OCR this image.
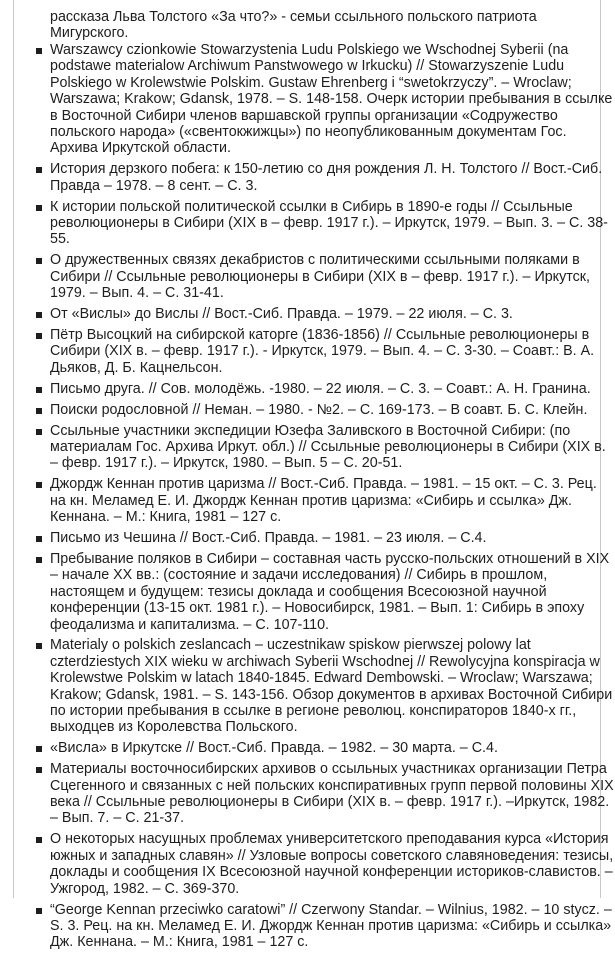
рассказа Льва Толстого «За что?» - семьи ссыльного польского патриота Мигурского.

Warszawcy czionkowie Stowarzystenia Ludu Polskiego we Wschodnej Syberii (na podstawe materialow Archiwum Panstwowego w Irkucku) // Stowarzyszenie Ludu Polskiego w Krolewstwie Polskim. Gustaw Ehrenberg i “swetokrzyczy”. – Wroclaw; Warszawa; Krakow; Gdansk, 1978. – S. 148-158. Очерк истории пребывания в ссылке в Восточной Сибири членов варшавской группы организации «Содружество польского народа» («свентокжижцы») по неопубликованным документам Гос. Архива Иркутской области.
История дерзкого побега: к 150-летию со дня рождения Л. Н. Толстого // Вост.-Сиб. Правда – 1978. – 8 сент. – С. 3.
К истории польской политической ссылки в Сибирь в 1890-е годы // Ссыльные революционеры в Сибири (XIX в – февр. 1917 г.). – Иркутск, 1979. – Вып. 3. – С. 38-55.
О дружественных связях декабристов с политическими ссыльными поляками в Сибири // Ссыльные революционеры в Сибири (XIX в – февр. 1917 г.). – Иркутск, 1979. – Вып. 4. – С. 31-41.
От «Вислы» до Вислы // Вост.-Сиб. Правда. – 1979. – 22 июля. – С. 3.
Пётр Высоцкий на сибирской каторге (1836-1856) // Ссыльные революционеры в Сибири (XIX в. – февр. 1917 г.). - Иркутск, 1979. – Вып. 4. – С. 3-30. – Соавт.: В. А. Дьяков, Д. Б. Кацнельсон.
Письмо друга. // Сов. молодёжь. -1980. – 22 июля. – С. 3. – Соавт.: А. Н. Гранина.
Поиски родословной // Неман. – 1980. - №2. – С. 169-173. – В соавт. Б. С. Клейн.
Ссыльные участники экспедиции Юзефа Заливского в Восточной Сибири: (по материалам Гос. Архива Иркут. обл.) // Ссыльные революционеры в Сибири (XIX в. – февр. 1917 г.). – Иркутск, 1980. – Вып. 5 – С. 20-51.
Джордж Кеннан против царизма // Вост.-Сиб. Правда. – 1981. – 15 окт. – С. 3. Рец. на кн. Меламед Е. И. Джордж Кеннан против царизма: «Сибирь и ссылка» Дж. Кеннана. – М.: Книга, 1981 – 127 с.
Письмо из Чешина // Вост.-Сиб. Правда. – 1981. – 23 июля. – С.4.
Пребывание поляков в Сибири – составная часть русско-польских отношений в XIX – начале XX вв.: (состояние и задачи исследования) // Сибирь в прошлом, настоящем и будущем: тезисы доклада и сообщения Всесоюзной научной конференции (13-15 окт. 1981 г.). – Новосибирск, 1981. – Вып. 1: Сибирь в эпоху феодализма и капитализма. – С. 107-110.
Materialy o polskich zeslancach – uczestnikaw spiskow pierwszej polowy lat czterdziestych XIX wieku w archiwach Syberii Wschodnej // Rewolycyjna konspiracja w Krolewstwe Polskim w latach 1840-1845. Edward Dembowski. – Wroclaw; Warszawa; Krakow; Gdansk, 1981. – S. 143-156. Обзор документов в архивах Восточной Сибири по истории пребывания в ссылке в регионе революц. конспираторов 1840-х гг., выходцев из Королевства Польского.
«Висла» в Иркутске // Вост.-Сиб. Правда. – 1982. – 30 марта. – С.4.
Материалы восточносибирских архивов о ссыльных участниках организации Петра Сцегенного и связанных с ней польских конспиративных групп первой половины XIX века // Ссыльные революционеры в Сибири (XIX в. – февр. 1917 г.). –Иркутск, 1982. – Вып. 7. – С. 21-37.
О некоторых насущных проблемах университетского преподавания курса «История южных и западных славян» // Узловые вопросы советского славяноведения: тезисы, доклады и сообщения IX Всесоюзной научной конференции историков-славистов. – Ужгород, 1982. – С. 369-370.
“George Kennan przeciwko caratowi” // Czerwony Standar. – Wilnius, 1982. – 10 stycz. – S. 3. Рец. на кн. Меламед Е. И. Джордж Кеннан против царизма: «Сибирь и ссылка» Дж. Кеннана. – М.: Книга, 1981 – 127 с.
